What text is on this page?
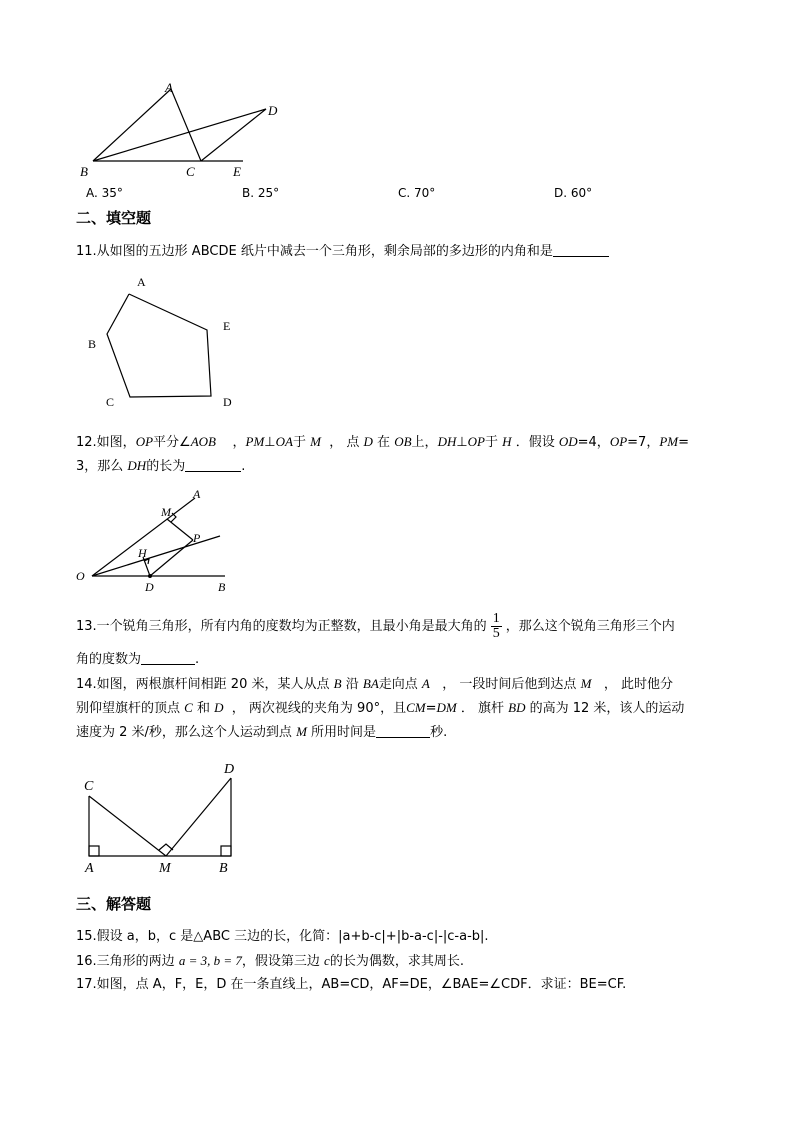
A
D
B	C	E
A. 35°	B. 25°	C. 70°	D. 60°
二、填空题
11.从如图的五边形 ABCDE 纸片中减去一个三角形，剩余局部的多边形的内角和是
A
E
B
C	D
12.如图，OP平分∠AOB ，PM⊥OA于 M ， 点 D 在 OB上，DH⊥OP于 H ．假设 OD=4，OP=7，PM=
3，那么 DH的长为	.
A
M
P
H
O
D	B
13.一个锐角三角形，所有内角的度数均为正整数，且最小角是最大角的 $\frac{1}{5}$ ，那么这个锐角三角形三个内
角的度数为	.
14.如图，两根旗杆间相距 20 米，某人从点 B 沿 BA走向点 A ， 一段时间后他到达点 M ， 此时他分
别仰望旗杆的顶点 C 和 D ， 两次视线的夹角为 90°，且CM=DM ． 旗杆 BD 的高为 12 米，该人的运动
速度为 2 米/秒，那么这个人运动到点 M 所用时间是	秒.
C
D
A	M	B
三、解答题
15.假设 a，b，c 是△ABC 三边的长，化简：|a+b-c|+|b-a-c|-|c-a-b|.
16.三角形的两边 a = 3, b = 7，假设第三边 c的长为偶数，求其周长.
17.如图，点 A，F，E，D 在一条直线上，AB=CD，AF=DE，∠BAE=∠CDF．求证：BE=CF.
